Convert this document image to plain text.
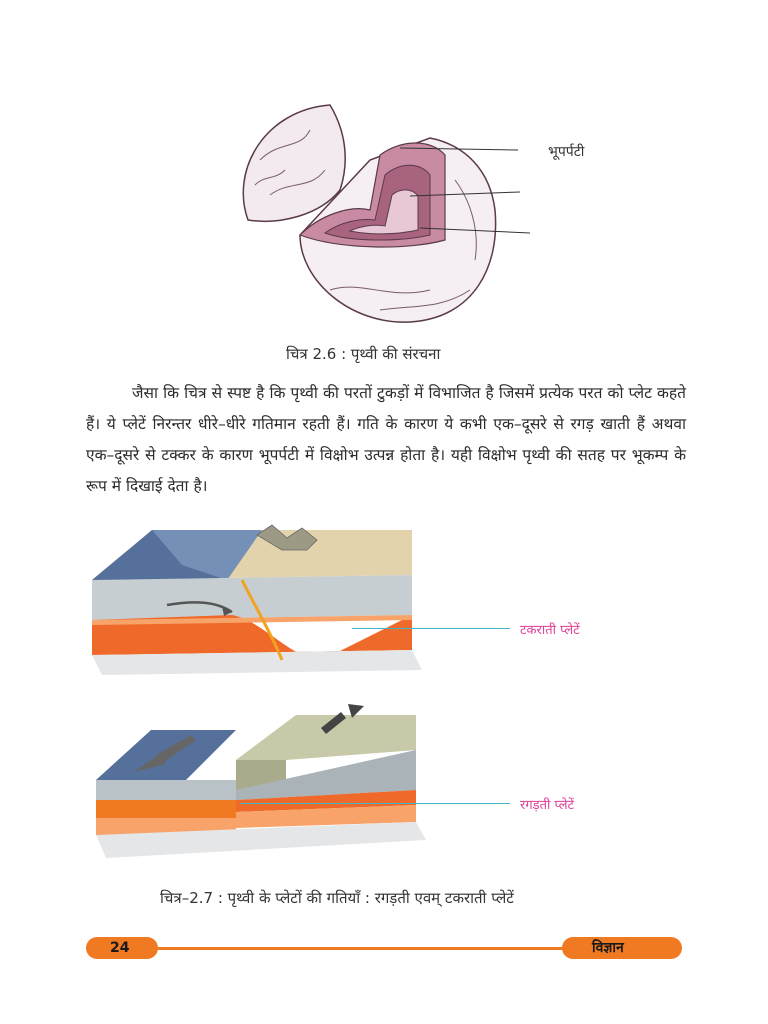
भूपर्पटी
चित्र 2.6 : पृथ्वी की संरचना

जैसा कि चित्र से स्पष्ट है कि पृथ्वी की परतों टुकड़ों में विभाजित है जिसमें प्रत्येक परत को प्लेट कहते हैं। ये प्लेटें निरन्तर धीरे–धीरे गतिमान रहती हैं। गति के कारण ये कभी एक–दूसरे से रगड़ खाती हैं अथवा एक–दूसरे से टक्कर के कारण भूपर्पटी में विक्षोभ उत्पन्न होता है। यही विक्षोभ पृथ्वी की सतह पर भूकम्प के रूप में दिखाई देता है।

टकराती प्लेटें
रगड़ती प्लेटें
चित्र–2.7 : पृथ्वी के प्लेटों की गतियाँ : रगड़ती एवम् टकराती प्लेटें
24	विज्ञान
